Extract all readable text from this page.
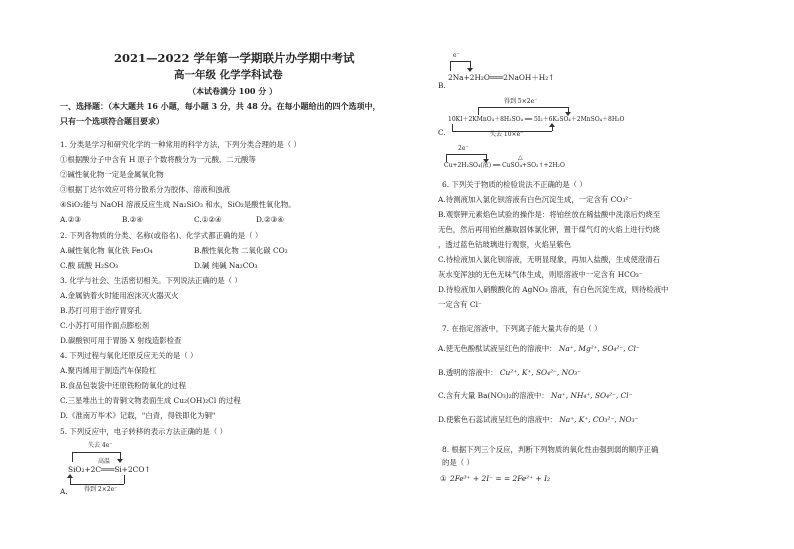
2021—2022 学年第一学期联片办学期中考试
高一年级 化学学科试卷
（本试卷满分 100 分 ）
一、选择题：（本大题共 16 小题，每小题 3 分，共 48 分。在每小题给出的四个选项中，
只有一个选项符合题目要求）
1. 分类是学习和研究化学的一种常用的科学方法，下列分类合理的是（ ）
①根据酸分子中含有 H 原子个数将酸分为一元酸、二元酸等
②碱性氧化物一定是金属氧化物
③根据丁达尔效应可将分散系分为胶体、溶液和浊液
④SiO₂能与 NaOH 溶液反应生成 Na₂SiO₃ 和水，SiO₂是酸性氧化物。
A.②③	B.②④	C.①②④	D.②③④
2. 下列各物质的分类、名称(或俗名)、化学式都正确的是（ ）
A.碱性氧化物 氧化铁 Fe₃O₄	B.酸性氧化物 二氧化碳 CO₂
C.酸 硫酸 H₂SO₃	D.碱 纯碱 Na₂CO₃
3. 化学与社会、生活密切相关。下列说法正确的是（ ）
A.金属钠着火时能用泡沫灭火器灭火
B.苏打可用于治疗胃穿孔
C.小苏打可用作面点膨松剂
D.碳酸钡可用于胃肠 X 射线造影检查
4. 下列过程与氧化还原反应无关的是（ ）
A.聚丙烯用于制造汽车保险杠
B.食品包装袋中还原铁粉防氧化的过程
C.三星堆出土的青铜文物表面生成 Cu₂(OH)₂Cl 的过程
D.《淮南万毕术》记载，"白青，得铁即化为铜"
5. 下列反应中，电子转移的表示方法正确的是（ ）
失去 4e⁻
高温
SiO₂+2C═══Si+2CO↑
得到 2×2e⁻
A.
e⁻
2Na+2H₂O═══2NaOH＋H₂↑
B.
得到 5×2e⁻
10KI＋2KMnO₄＋8H₂SO₄ ══ 5I₂＋6K₂SO₄＋2MnSO₄＋8H₂O
失去 10×e⁻
C.
2e⁻
△
Cu+2H₂SO₄(浓) ══ CuSO₄+SO₂↑+2H₂O
6. 下列关于物质的检验说法不正确的是（ ）
A.待测液加入氯化钡溶液有白色沉淀生成，一定含有 CO₃²⁻
B.观察钾元素焰色试验的操作是：将铂丝放在稀盐酸中洗涤后灼烧至
无色，然后再用铂丝蘸取固体氯化钾，置于煤气灯的火焰上进行灼烧
，透过蓝色钴玻璃进行观察，火焰呈紫色
C.待检液加入氯化钡溶液，无明显现象，再加入盐酸，生成使澄清石
灰水变浑浊的无色无味气体生成，则原溶液中一定含有 HCO₃⁻
D.待检液加入硝酸酸化的 AgNO₃ 溶液，有白色沉淀生成，则待检液中
一定含有 Cl⁻
7. 在指定溶液中，下列离子能大量共存的是（ ）
A.使无色酚酞试液呈红色的溶液中： Na⁺, Mg²⁺, SO₄²⁻, Cl⁻
B.透明的溶液中： Cu²⁺, K⁺, SO₄²⁻, NO₃⁻
C.含有大量 Ba(NO₃)₂的溶液中： Na⁺, NH₄⁺, SO₄²⁻, Cl⁻
D.使紫色石蕊试液呈红色的溶液中： Na⁺, K⁺, CO₃²⁻, NO₃⁻
8. 根据下列三个反应，判断下列物质的氧化性由强到弱的顺序正确
的是（ ）
① 2Fe³⁺ + 2I⁻ = = 2Fe²⁺ + I₂
